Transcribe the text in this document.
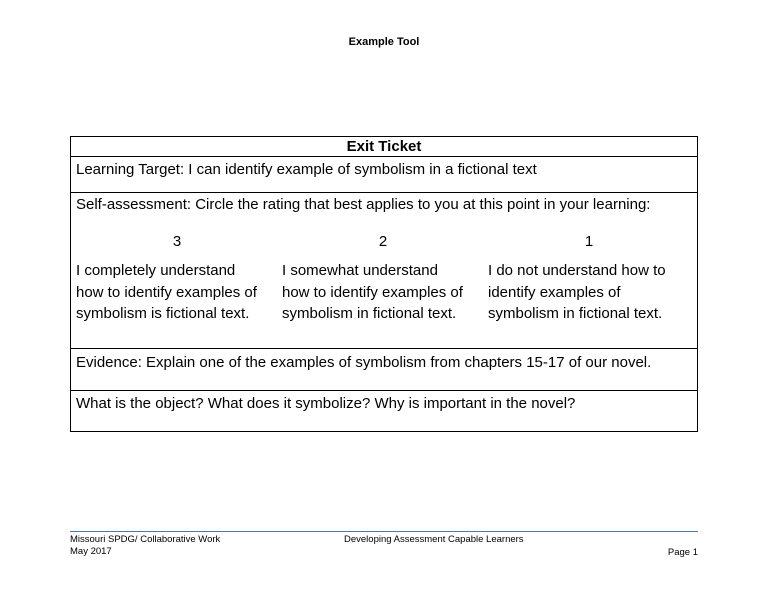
Example Tool
Exit Ticket
Learning Target: I can identify example of symbolism in a fictional text
Self-assessment: Circle the rating that best applies to you at this point in your learning:
3
I completely understand
how to identify examples of
symbolism is fictional text.
2
I somewhat understand
how to identify examples of
symbolism in fictional text.
1
I do not understand how to
identify examples of
symbolism in fictional text.
Evidence: Explain one of the examples of symbolism from chapters 15-17 of our novel.
What is the object? What does it symbolize? Why is important in the novel?
Missouri SPDG/ Collaborative Work
May 2017
Developing Assessment Capable Learners
Page 1
